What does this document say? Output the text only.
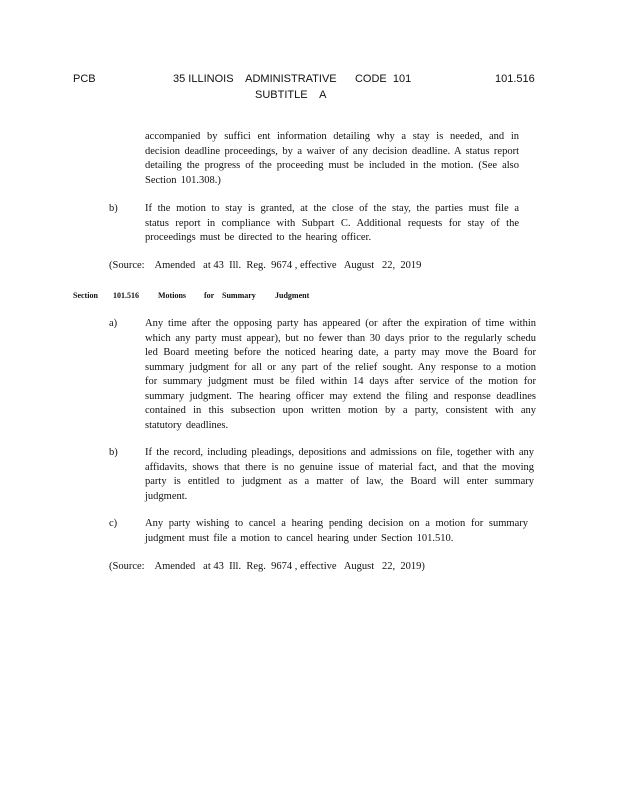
PCB	35 ILLINOIS    ADMINISTRATIVE      CODE  101
SUBTITLE    A
101.516
accompanied by suffici ent information detailing why a stay is needed, and in decision deadline proceedings, by a waiver of any decision deadline. A status report detailing the progress of the proceeding must be included in the motion. (See also Section 101.308.)
b)	If the motion to stay is granted, at the close of the stay, the parties must file a status report in compliance with Subpart C. Additional requests for stay of the proceedings must be directed to the hearing officer.
(Source:    Amended   at 43  Ill.  Reg.  9674 , effective   August   22,  2019
Section 101.516 Motions for Summary Judgment
a)	Any time after the opposing party has appeared (or after the expiration of time within which any party must appear), but no fewer than 30 days prior to the regularly schedu led Board meeting before the noticed hearing date, a party may move the Board for summary judgment for all or any part of the relief sought. Any response to a motion for summary judgment must be filed within 14 days after service of the motion for summary judgment. The hearing officer may extend the filing and response deadlines contained in this subsection upon written motion by a party, consistent with any statutory deadlines.
b)	If the record, including pleadings, depositions and admissions on file, together with any affidavits, shows that there is no genuine issue of material fact, and that the moving party is entitled to judgment as a matter of law, the Board will enter summary judgment.
c)	Any party wishing to cancel a hearing pending decision on a motion for summary judgment must file a motion to cancel hearing under Section 101.510.
(Source:    Amended   at 43  Ill.  Reg.  9674 , effective   August   22,  2019)
